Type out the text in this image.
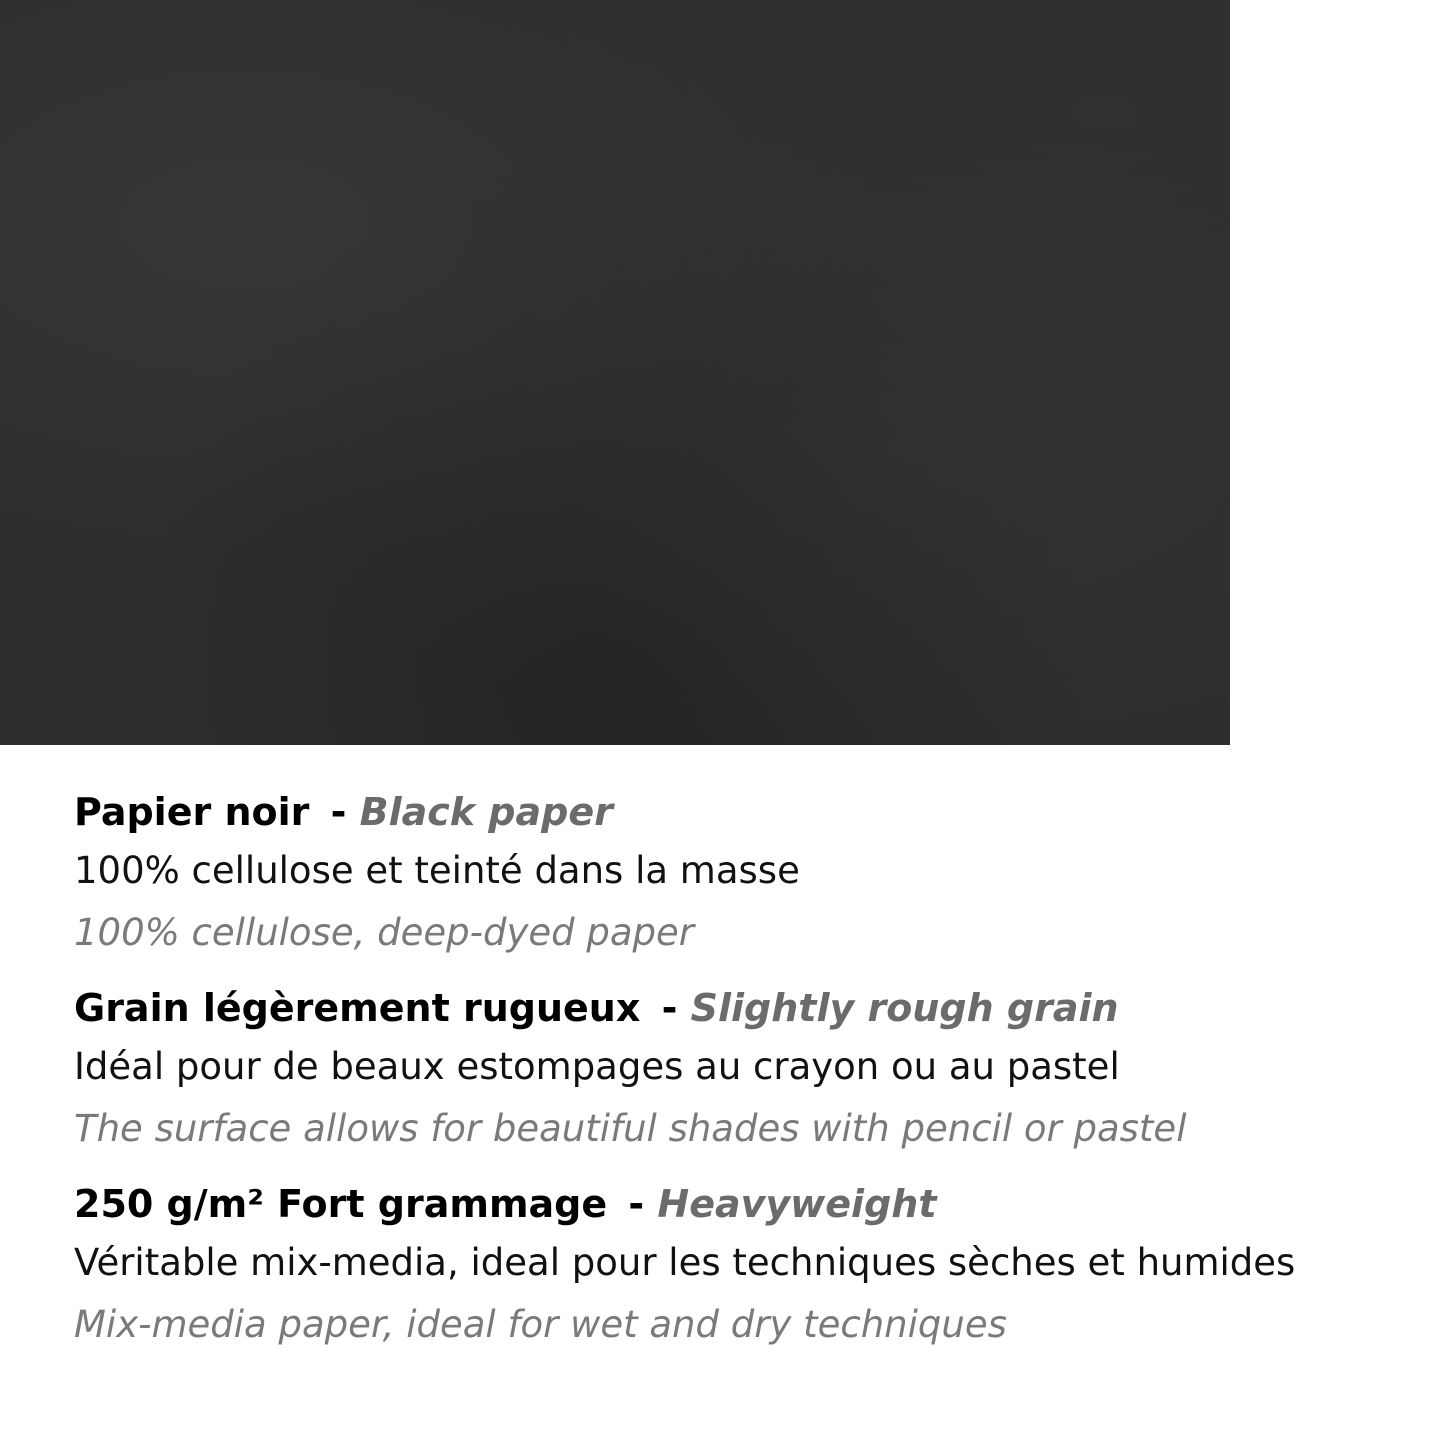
Papier noir - Black paper
100% cellulose et teinté dans la masse
100% cellulose, deep-dyed paper
Grain légèrement rugueux - Slightly rough grain
Idéal pour de beaux estompages au crayon ou au pastel
The surface allows for beautiful shades with pencil or pastel
250 g/m² Fort grammage - Heavyweight
Véritable mix-media, ideal pour les techniques sèches et humides
Mix-media paper, ideal for wet and dry techniques
